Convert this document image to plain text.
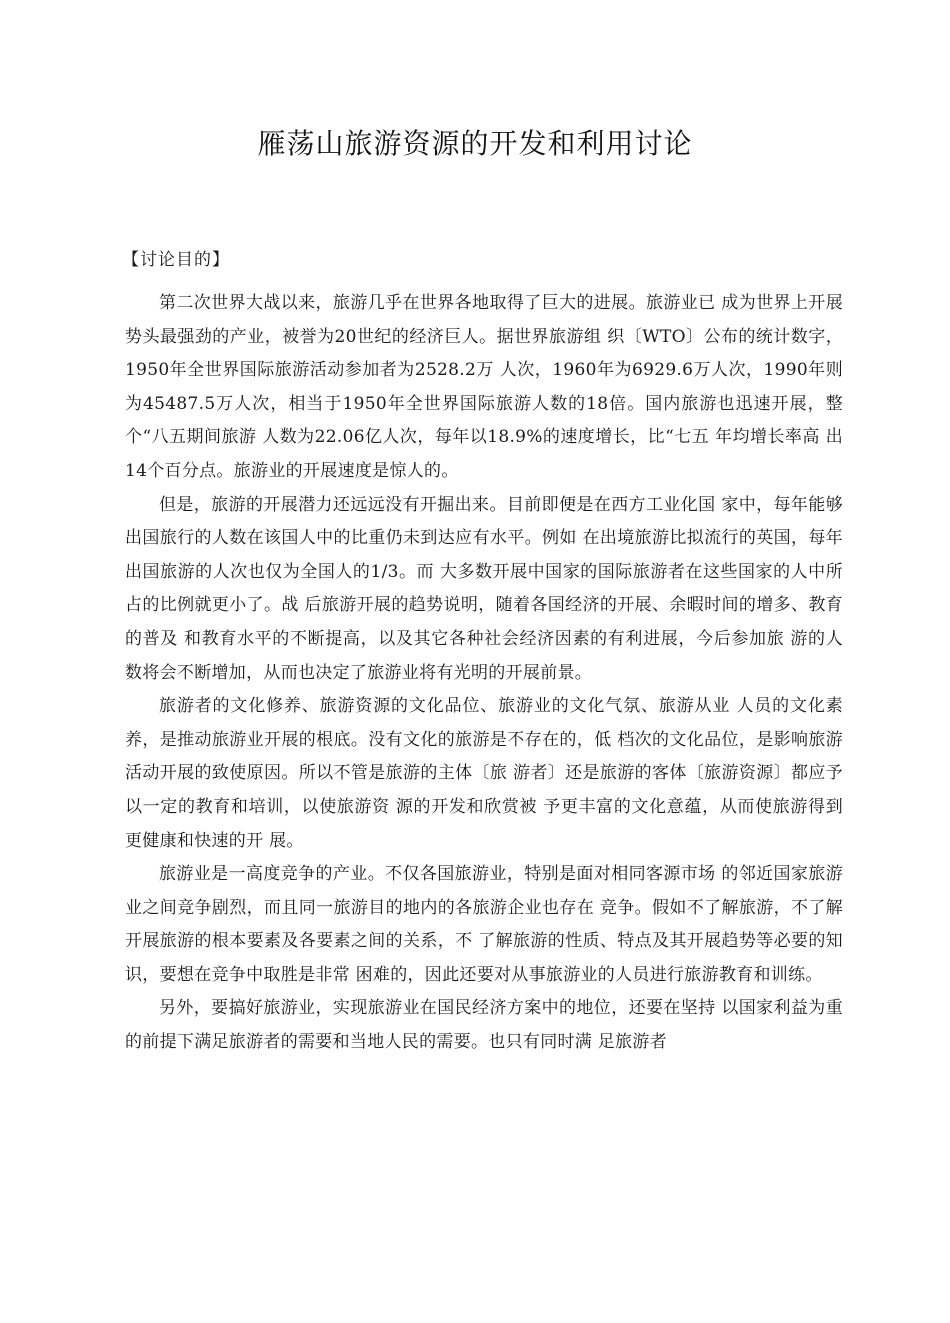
雁荡山旅游资源的开发和利用讨论
【讨论目的】

第二次世界大战以来，旅游几乎在世界各地取得了巨大的进展。旅游业已 成为世界上开展势头最强劲的产业，被誉为20世纪的经济巨人。据世界旅游组 织〔WTO〕公布的统计数字，1950年全世界国际旅游活动参加者为2528.2万 人次，1960年为6929.6万人次，1990年则为45487.5万人次，相当于1950年全世界国际旅游人数的18倍。国内旅游也迅速开展，整个“八五期间旅游 人数为22.06亿人次，每年以18.9%的速度增长，比“七五 年均增长率高 出14个百分点。旅游业的开展速度是惊人的。

但是，旅游的开展潜力还远远没有开掘出来。目前即便是在西方工业化国 家中，每年能够出国旅行的人数在该国人中的比重仍未到达应有水平。例如 在出境旅游比拟流行的英国，每年出国旅游的人次也仅为全国人的1/3。而 大多数开展中国家的国际旅游者在这些国家的人中所占的比例就更小了。战 后旅游开展的趋势说明，随着各国经济的开展、余暇时间的增多、教育的普及 和教育水平的不断提高，以及其它各种社会经济因素的有利进展，今后参加旅 游的人数将会不断增加，从而也决定了旅游业将有光明的开展前景。

旅游者的文化修养、旅游资源的文化品位、旅游业的文化气氛、旅游从业 人员的文化素养，是推动旅游业开展的根底。没有文化的旅游是不存在的，低 档次的文化品位，是影响旅游活动开展的致使原因。所以不管是旅游的主体〔旅 游者〕还是旅游的客体〔旅游资源〕都应予以一定的教育和培训，以使旅游资 源的开发和欣赏被 予更丰富的文化意蕴，从而使旅游得到更健康和快速的开 展。

旅游业是一高度竞争的产业。不仅各国旅游业，特别是面对相同客源市场 的邻近国家旅游业之间竞争剧烈，而且同一旅游目的地内的各旅游企业也存在 竞争。假如不了解旅游，不了解开展旅游的根本要素及各要素之间的关系，不 了解旅游的性质、特点及其开展趋势等必要的知识，要想在竞争中取胜是非常 困难的，因此还要对从事旅游业的人员进行旅游教育和训练。

另外，要搞好旅游业，实现旅游业在国民经济方案中的地位，还要在坚持 以国家利益为重的前提下满足旅游者的需要和当地人民的需要。也只有同时满 足旅游者
